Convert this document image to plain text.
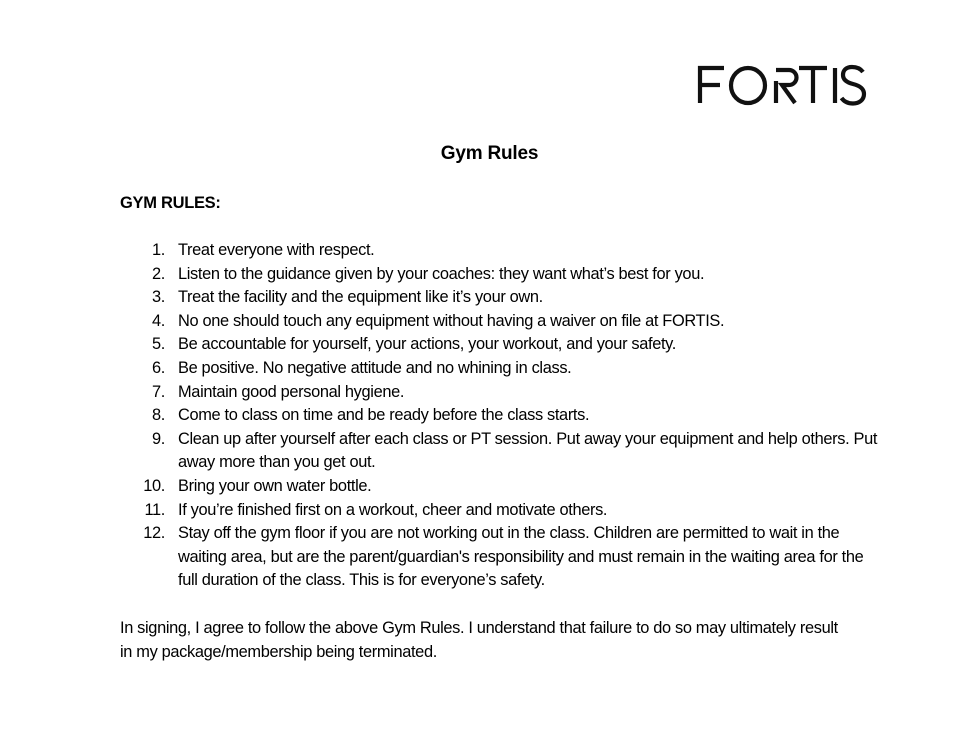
Gym Rules
GYM RULES:
1. Treat everyone with respect.
2. Listen to the guidance given by your coaches: they want what’s best for you.
3. Treat the facility and the equipment like it’s your own.
4. No one should touch any equipment without having a waiver on file at FORTIS.
5. Be accountable for yourself, your actions, your workout, and your safety.
6. Be positive. No negative attitude and no whining in class.
7. Maintain good personal hygiene.
8. Come to class on time and be ready before the class starts.
9. Clean up after yourself after each class or PT session. Put away your equipment and help others. Put away more than you get out.
10. Bring your own water bottle.
11. If you’re finished first on a workout, cheer and motivate others.
12. Stay off the gym floor if you are not working out in the class. Children are permitted to wait in the waiting area, but are the parent/guardian's responsibility and must remain in the waiting area for the full duration of the class. This is for everyone’s safety.
In signing, I agree to follow the above Gym Rules. I understand that failure to do so may ultimately result in my package/membership being terminated.
